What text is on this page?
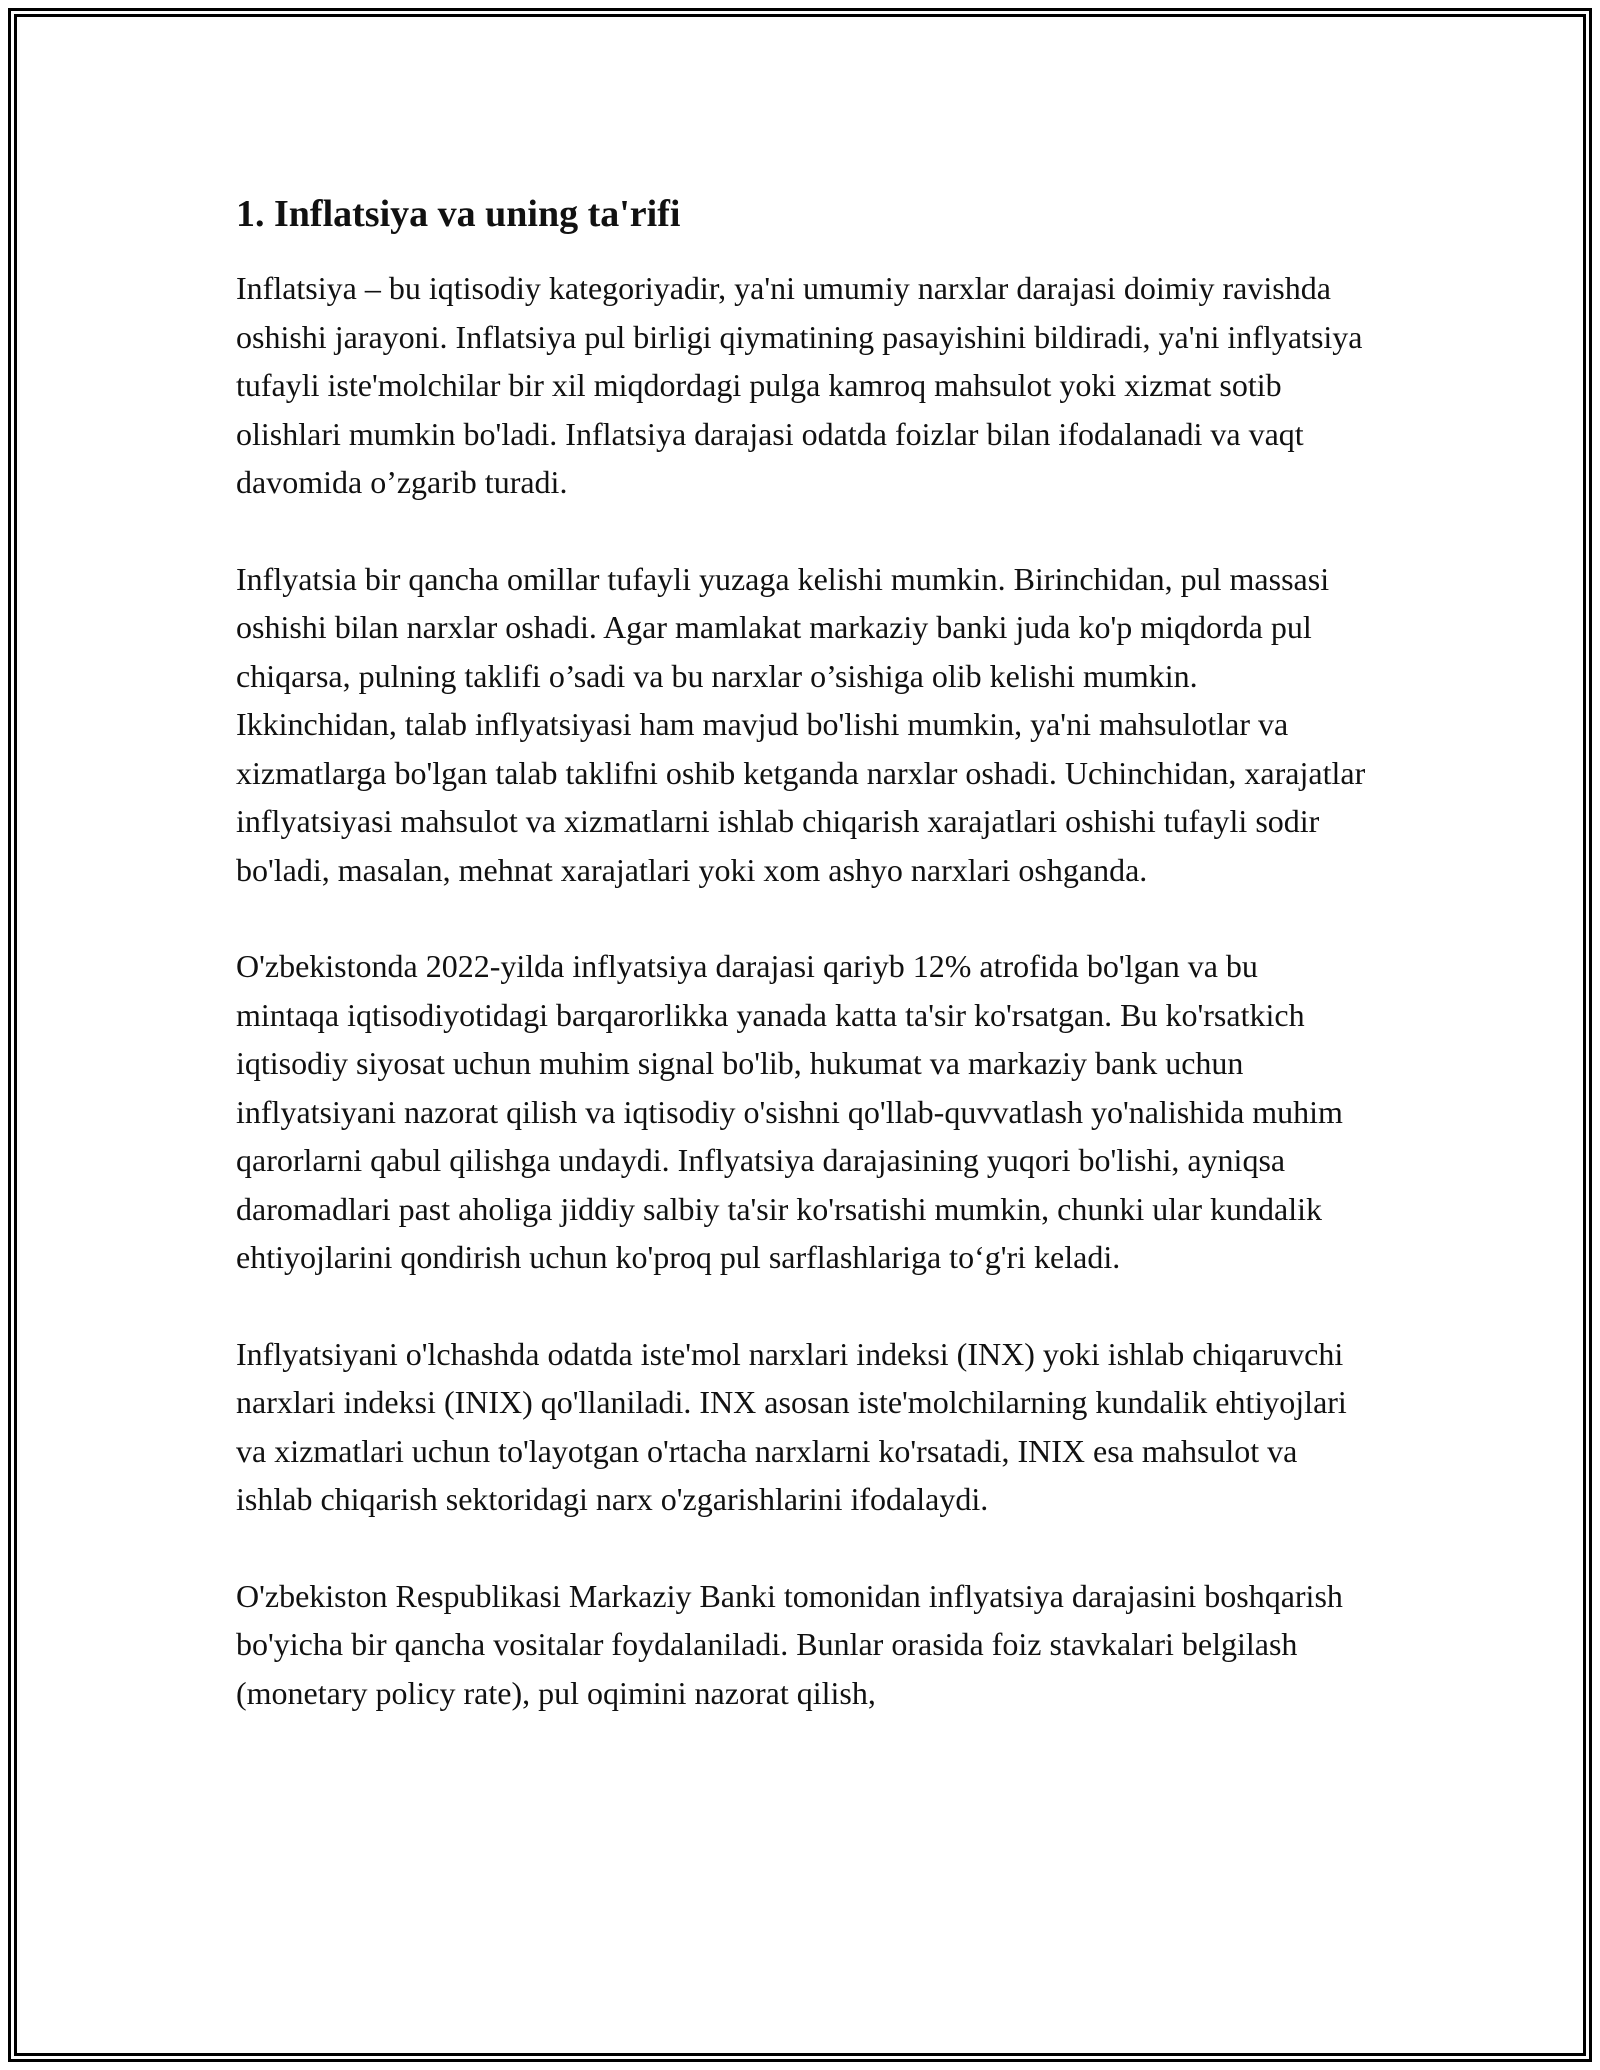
1. Inflatsiya va uning ta'rifi

Inflatsiya – bu iqtisodiy kategoriyadir, ya'ni umumiy narxlar darajasi doimiy ravishda oshishi jarayoni. Inflatsiya pul birligi qiymatining pasayishini bildiradi, ya'ni inflyatsiya tufayli iste'molchilar bir xil miqdordagi pulga kamroq mahsulot yoki xizmat sotib olishlari mumkin bo'ladi. Inflatsiya darajasi odatda foizlar bilan ifodalanadi va vaqt davomida o’zgarib turadi.

Inflyatsia bir qancha omillar tufayli yuzaga kelishi mumkin. Birinchidan, pul massasi oshishi bilan narxlar oshadi. Agar mamlakat markaziy banki juda ko'p miqdorda pul chiqarsa, pulning taklifi o’sadi va bu narxlar o’sishiga olib kelishi mumkin. Ikkinchidan, talab inflyatsiyasi ham mavjud bo'lishi mumkin, ya'ni mahsulotlar va xizmatlarga bo'lgan talab taklifni oshib ketganda narxlar oshadi. Uchinchidan, xarajatlar inflyatsiyasi mahsulot va xizmatlarni ishlab chiqarish xarajatlari oshishi tufayli sodir bo'ladi, masalan, mehnat xarajatlari yoki xom ashyo narxlari oshganda.

O'zbekistonda 2022-yilda inflyatsiya darajasi qariyb 12% atrofida bo'lgan va bu mintaqa iqtisodiyotidagi barqarorlikka yanada katta ta'sir ko'rsatgan. Bu ko'rsatkich iqtisodiy siyosat uchun muhim signal bo'lib, hukumat va markaziy bank uchun inflyatsiyani nazorat qilish va iqtisodiy o'sishni qo'llab-quvvatlash yo'nalishida muhim qarorlarni qabul qilishga undaydi. Inflyatsiya darajasining yuqori bo'lishi, ayniqsa daromadlari past aholiga jiddiy salbiy ta'sir ko'rsatishi mumkin, chunki ular kundalik ehtiyojlarini qondirish uchun ko'proq pul sarflashlariga to‘g'ri keladi.

Inflyatsiyani o'lchashda odatda iste'mol narxlari indeksi (INX) yoki ishlab chiqaruvchi narxlari indeksi (INIX) qo'llaniladi. INX asosan iste'molchilarning kundalik ehtiyojlari va xizmatlari uchun to'layotgan o'rtacha narxlarni ko'rsatadi, INIX esa mahsulot va ishlab chiqarish sektoridagi narx o'zgarishlarini ifodalaydi.

O'zbekiston Respublikasi Markaziy Banki tomonidan inflyatsiya darajasini boshqarish bo'yicha bir qancha vositalar foydalaniladi. Bunlar orasida foiz stavkalari belgilash (monetary policy rate), pul oqimini nazorat qilish,
